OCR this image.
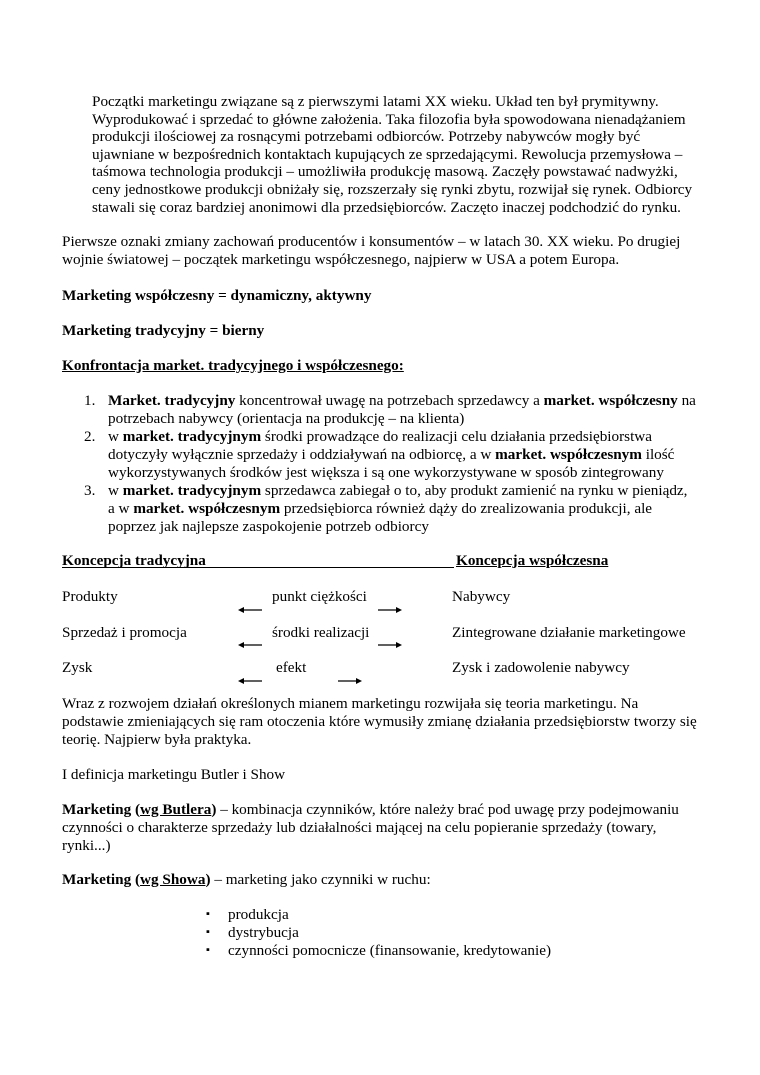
Początki marketingu związane są z pierwszymi latami XX wieku. Układ ten był prymitywny.
Wyprodukować i sprzedać to główne założenia. Taka filozofia była spowodowana nienadążaniem
produkcji ilościowej za rosnącymi potrzebami odbiorców. Potrzeby nabywców mogły być
ujawniane w bezpośrednich kontaktach kupujących ze sprzedającymi. Rewolucja przemysłowa –
taśmowa technologia produkcji – umożliwiła produkcję masową. Zaczęły powstawać nadwyżki,
ceny jednostkowe produkcji obniżały się, rozszerzały się rynki zbytu, rozwijał się rynek. Odbiorcy
stawali się coraz bardziej anonimowi dla przedsiębiorców. Zaczęto inaczej podchodzić do rynku.
Pierwsze oznaki zmiany zachowań producentów i konsumentów – w latach 30. XX wieku. Po drugiej
wojnie światowej – początek marketingu współczesnego, najpierw w USA a potem Europa.
Marketing współczesny = dynamiczny, aktywny
Marketing tradycyjny = bierny
Konfrontacja market. tradycyjnego i współczesnego:
1. Market. tradycyjny koncentrował uwagę na potrzebach sprzedawcy a market. współczesny na
potrzebach nabywcy (orientacja na produkcję – na klienta)
2. w market. tradycyjnym środki prowadzące do realizacji celu działania przedsiębiorstwa
dotyczyły wyłącznie sprzedaży i oddziaływań na odbiorcę, a w market. współczesnym ilość
wykorzystywanych środków jest większa i są one wykorzystywane w sposób zintegrowany
3. w market. tradycyjnym sprzedawca zabiegał o to, aby produkt zamienić na rynku w pieniądz,
a w market. współczesnym przedsiębiorca również dąży do zrealizowania produkcji, ale
poprzez jak najlepsze zaspokojenie potrzeb odbiorcy
Koncepcja tradycyjna	Koncepcja współczesna
Produkty	punkt ciężkości	Nabywcy
Sprzedaż i promocja	środki realizacji	Zintegrowane działanie marketingowe
Zysk	efekt	Zysk i zadowolenie nabywcy
Wraz z rozwojem działań określonych mianem marketingu rozwijała się teoria marketingu. Na
podstawie zmieniających się ram otoczenia które wymusiły zmianę działania przedsiębiorstw tworzy się
teorię. Najpierw była praktyka.
I definicja marketingu Butler i Show
Marketing (wg Butlera) – kombinacja czynników, które należy brać pod uwagę przy podejmowaniu
czynności o charakterze sprzedaży lub działalności mającej na celu popieranie sprzedaży (towary,
rynki...)
Marketing (wg Showa) – marketing jako czynniki w ruchu:
▪ produkcja
▪ dystrybucja
▪ czynności pomocnicze (finansowanie, kredytowanie)
